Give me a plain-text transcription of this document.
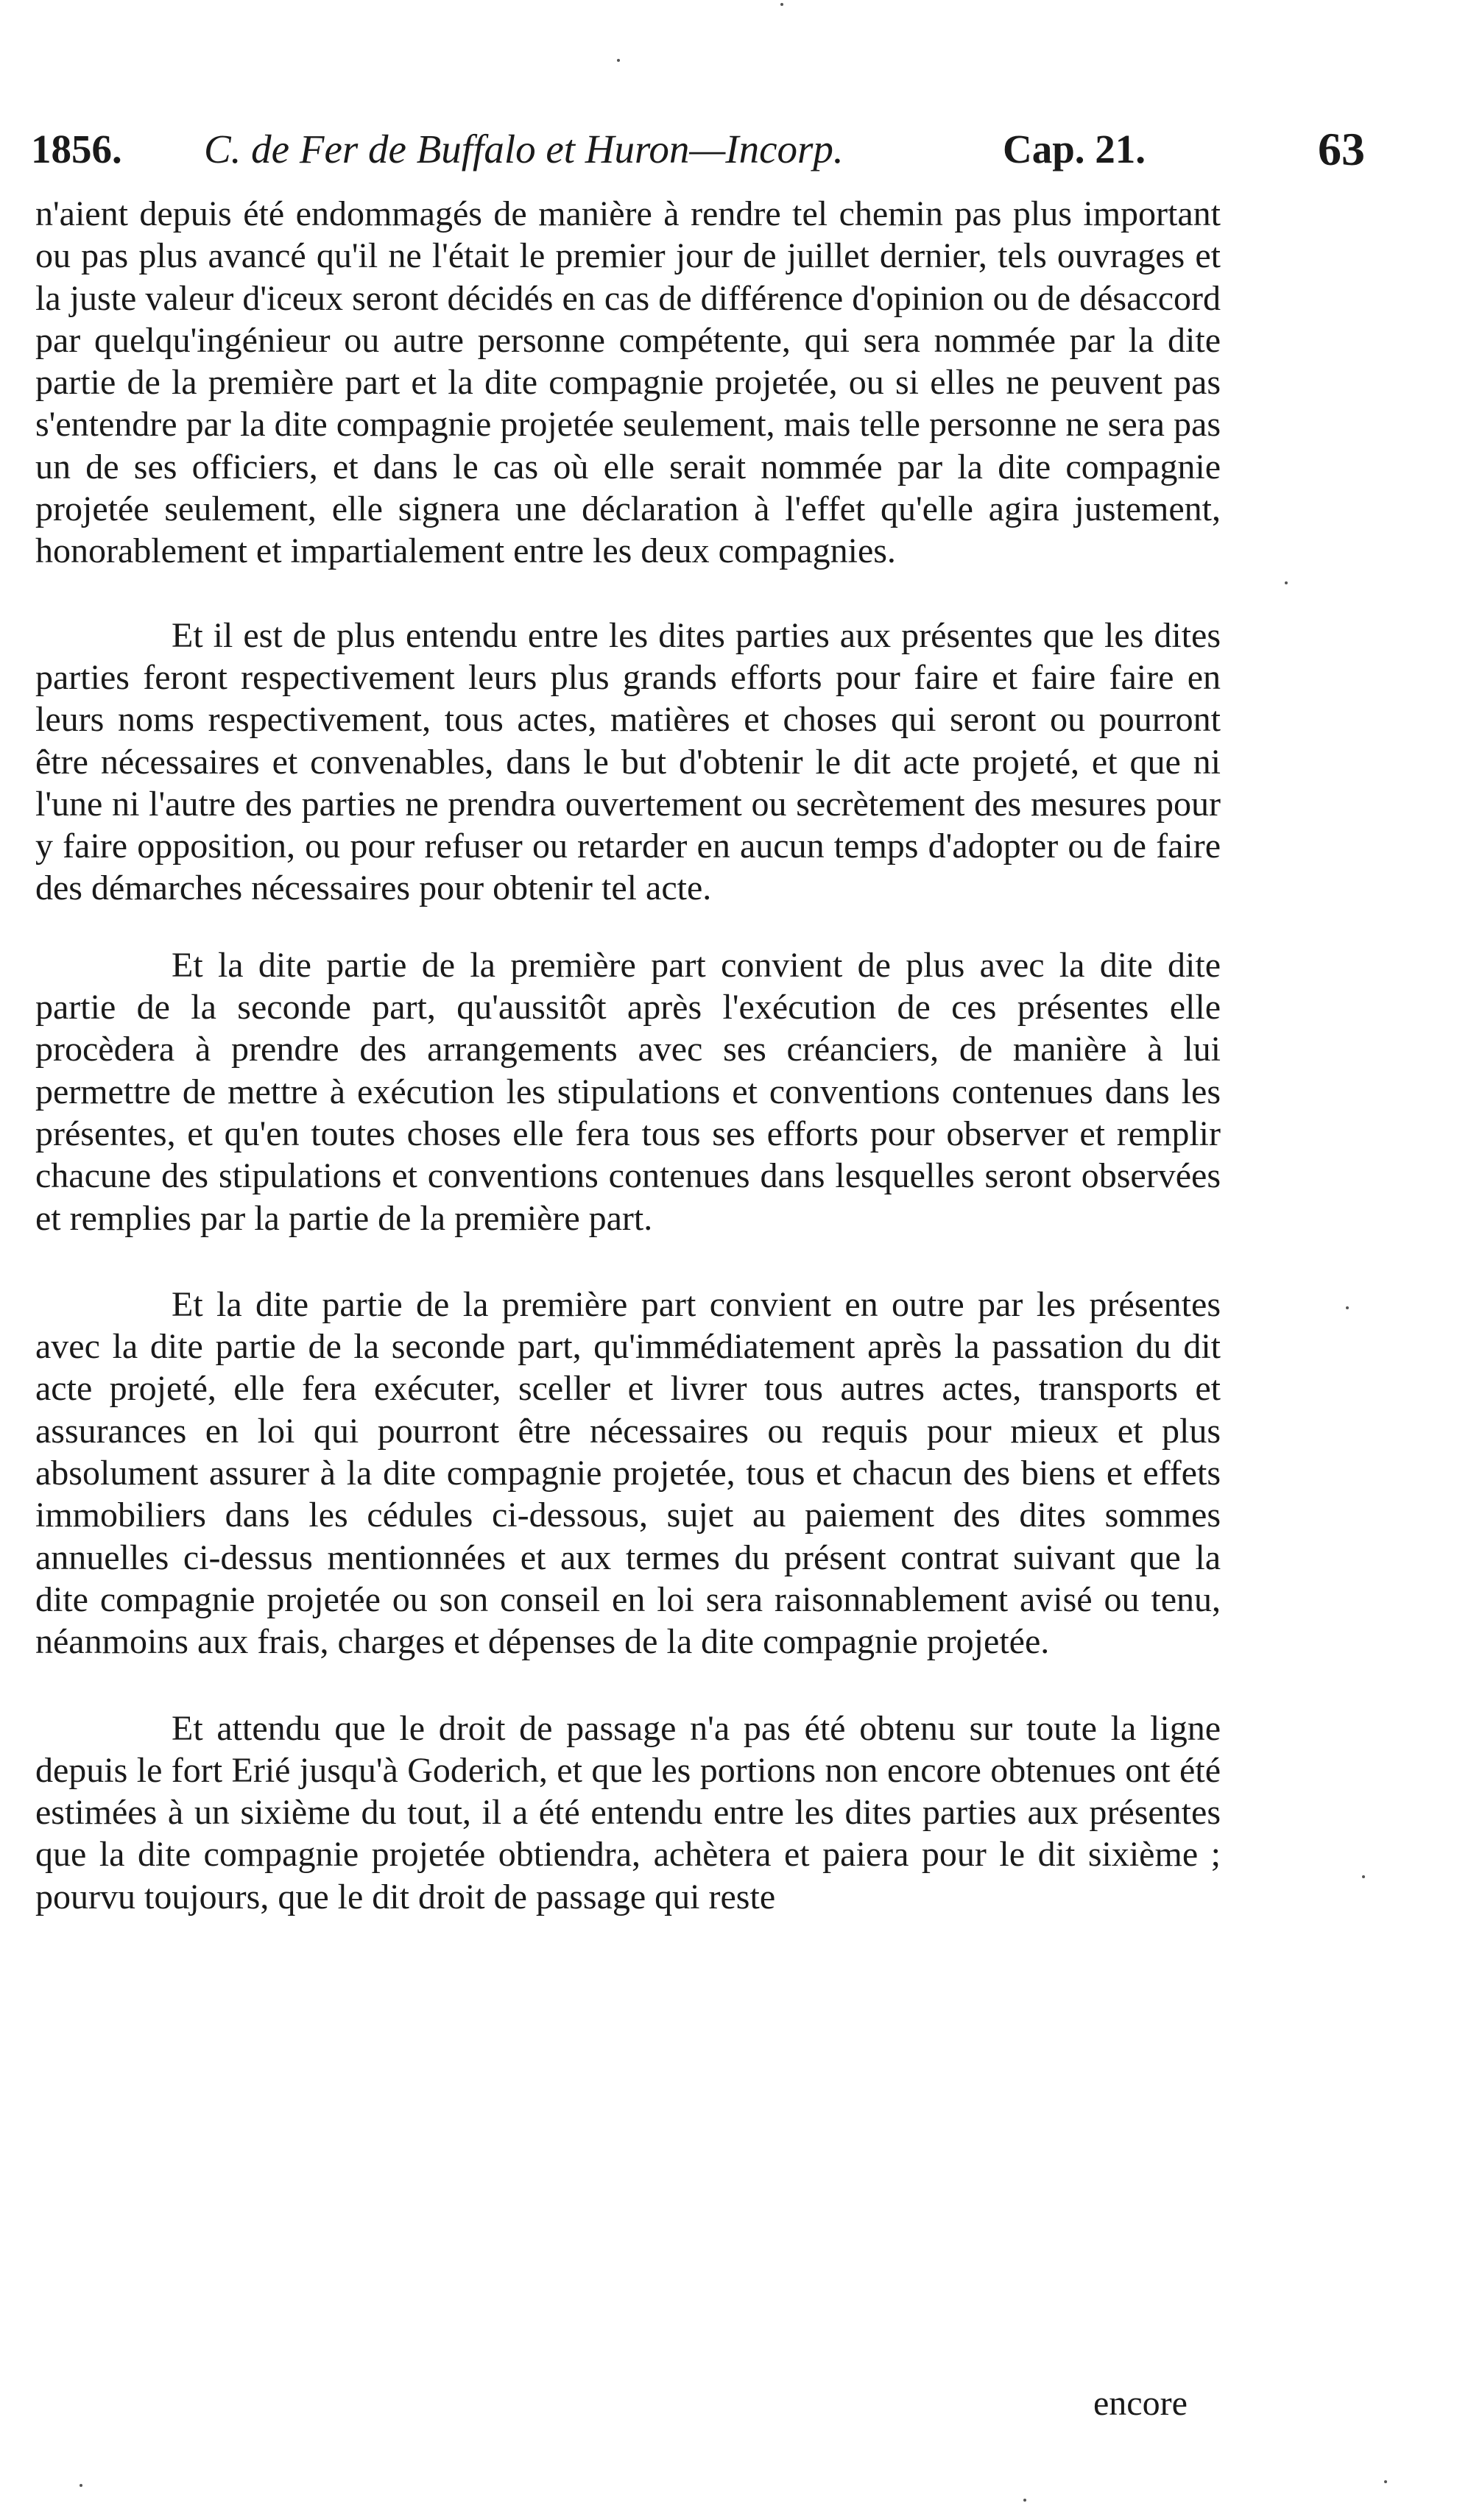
1856. C. de Fer de Buffalo et Huron—Incorp.	Cap. 21.	63

n'aient depuis été endommagés de manière à rendre tel chemin pas plus important ou pas plus avancé qu'il ne l'était le premier jour de juillet dernier, tels ouvrages et la juste valeur d'iceux seront décidés en cas de différence d'opinion ou de désaccord par quelqu'ingénieur ou autre personne compétente, qui sera nommée par la dite partie de la première part et la dite compagnie projetée, ou si elles ne peuvent pas s'entendre par la dite compagnie projetée seulement, mais telle personne ne sera pas un de ses officiers, et dans le cas où elle serait nommée par la dite compagnie projetée seulement, elle signera une déclaration à l'effet qu'elle agira justement, honorablement et impartialement entre les deux compagnies.

Et il est de plus entendu entre les dites parties aux présentes que les dites parties feront respectivement leurs plus grands efforts pour faire et faire faire en leurs noms respectivement, tous actes, matières et choses qui seront ou pourront être nécessaires et convenables, dans le but d'obtenir le dit acte projeté, et que ni l'une ni l'autre des parties ne prendra ouvertement ou secrètement des mesures pour y faire opposition, ou pour refuser ou retarder en aucun temps d'adopter ou de faire des démarches nécessaires pour obtenir tel acte.

Et la dite partie de la première part convient de plus avec la dite dite partie de la seconde part, qu'aussitôt après l'exécution de ces présentes elle procèdera à prendre des arrangements avec ses créanciers, de manière à lui permettre de mettre à exécution les stipulations et conventions contenues dans les présentes, et qu'en toutes choses elle fera tous ses efforts pour observer et remplir chacune des stipulations et conventions contenues dans lesquelles seront observées et remplies par la partie de la première part.

Et la dite partie de la première part convient en outre par les présentes avec la dite partie de la seconde part, qu'immédiatement après la passation du dit acte projeté, elle fera exécuter, sceller et livrer tous autres actes, transports et assurances en loi qui pourront être nécessaires ou requis pour mieux et plus absolument assurer à la dite compagnie projetée, tous et chacun des biens et effets immobiliers dans les cédules ci-dessous, sujet au paiement des dites sommes annuelles ci-dessus mentionnées et aux termes du présent contrat suivant que la dite compagnie projetée ou son conseil en loi sera raisonnablement avisé ou tenu, néanmoins aux frais, charges et dépenses de la dite compagnie projetée.

Et attendu que le droit de passage n'a pas été obtenu sur toute la ligne depuis le fort Erié jusqu'à Goderich, et que les portions non encore obtenues ont été estimées à un sixième du tout, il a été entendu entre les dites parties aux présentes que la dite compagnie projetée obtiendra, achètera et paiera pour le dit sixième ; pourvu toujours, que le dit droit de passage qui reste

encore
